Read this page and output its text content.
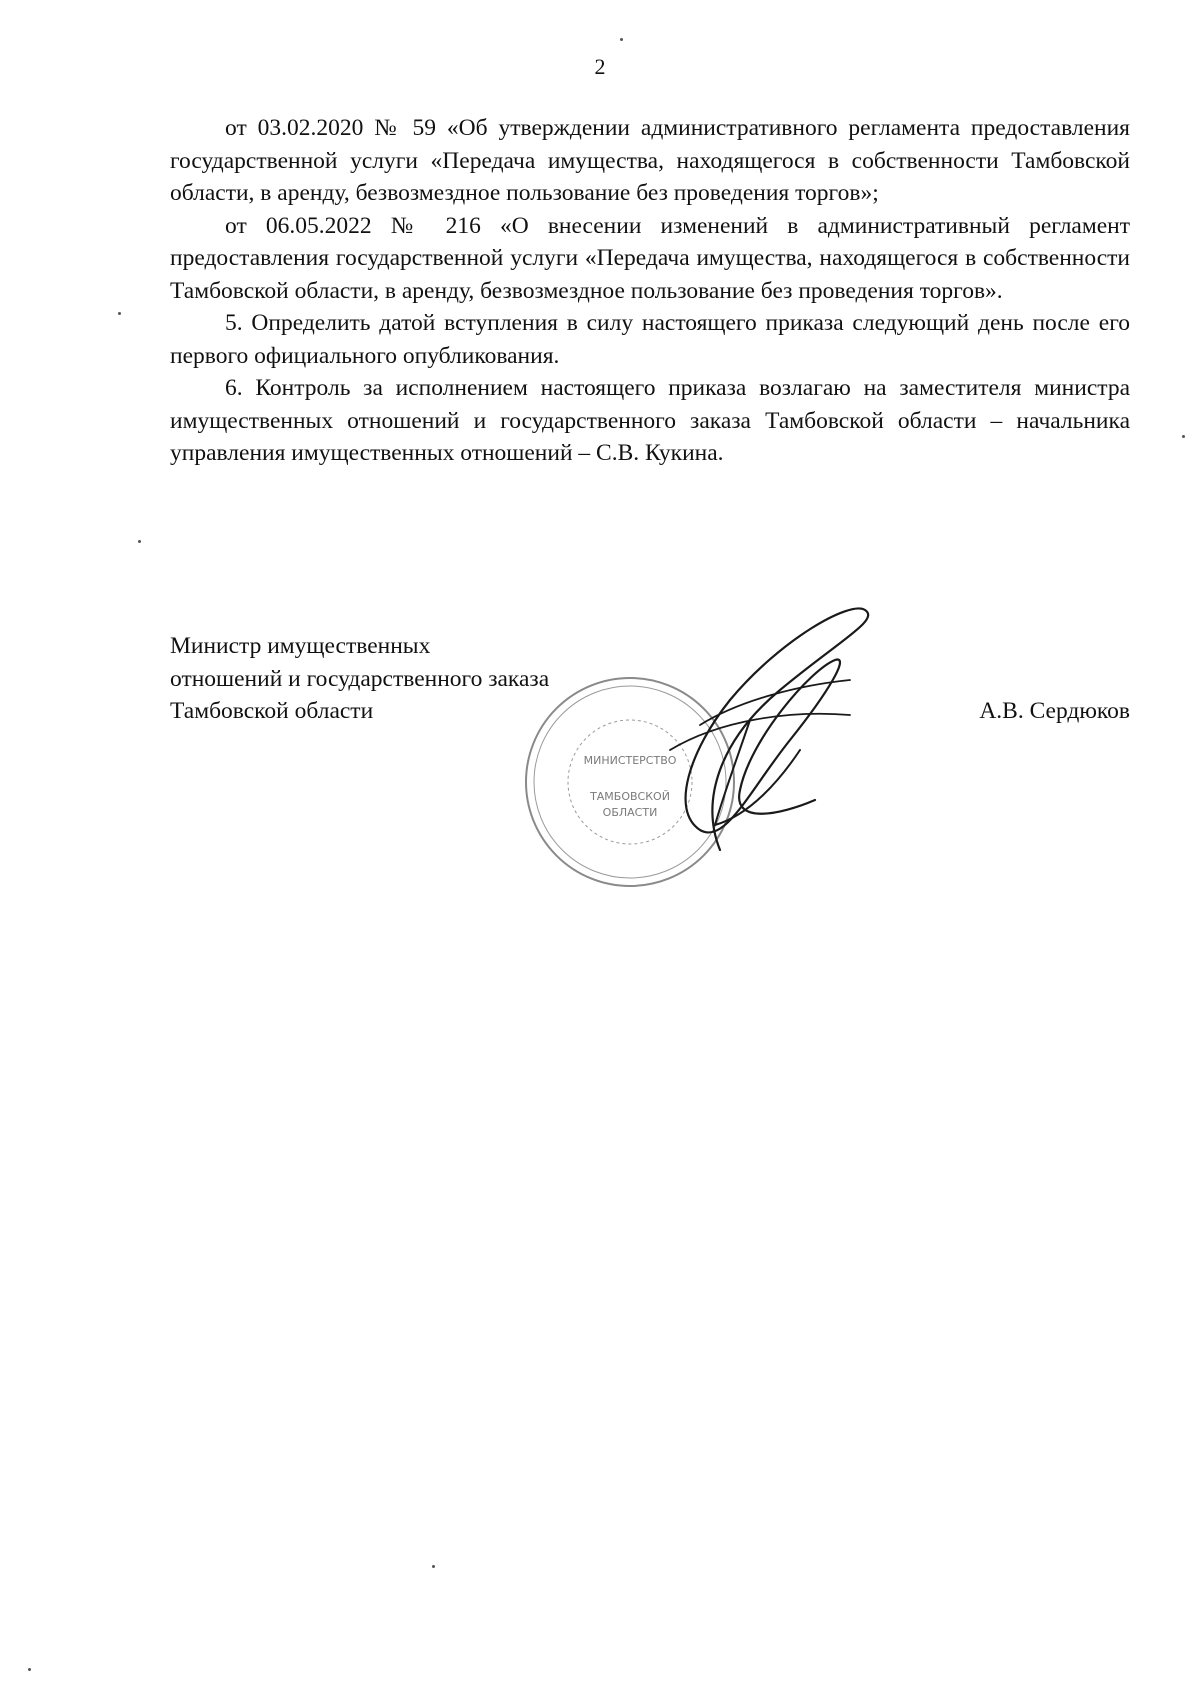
2

от 03.02.2020 № 59 «Об утверждении административного регламента предоставления государственной услуги «Передача имущества, находящегося в собственности Тамбовской области, в аренду, безвозмездное пользование без проведения торгов»;

от 06.05.2022 № 216 «О внесении изменений в административный регламент предоставления государственной услуги «Передача имущества, находящегося в собственности Тамбовской области, в аренду, безвозмездное пользование без проведения торгов».

5. Определить датой вступления в силу настоящего приказа следующий день после его первого официального опубликования.

6. Контроль за исполнением настоящего приказа возлагаю на заместителя министра имущественных отношений и государственного заказа Тамбовской области – начальника управления имущественных отношений – С.В. Кукина.

Министр имущественных
отношений и государственного заказа
Тамбовской области
МИНИСТЕРСТВО
ТАМБОВСКОЙ
ОБЛАСТИ
А.В. Сердюков
